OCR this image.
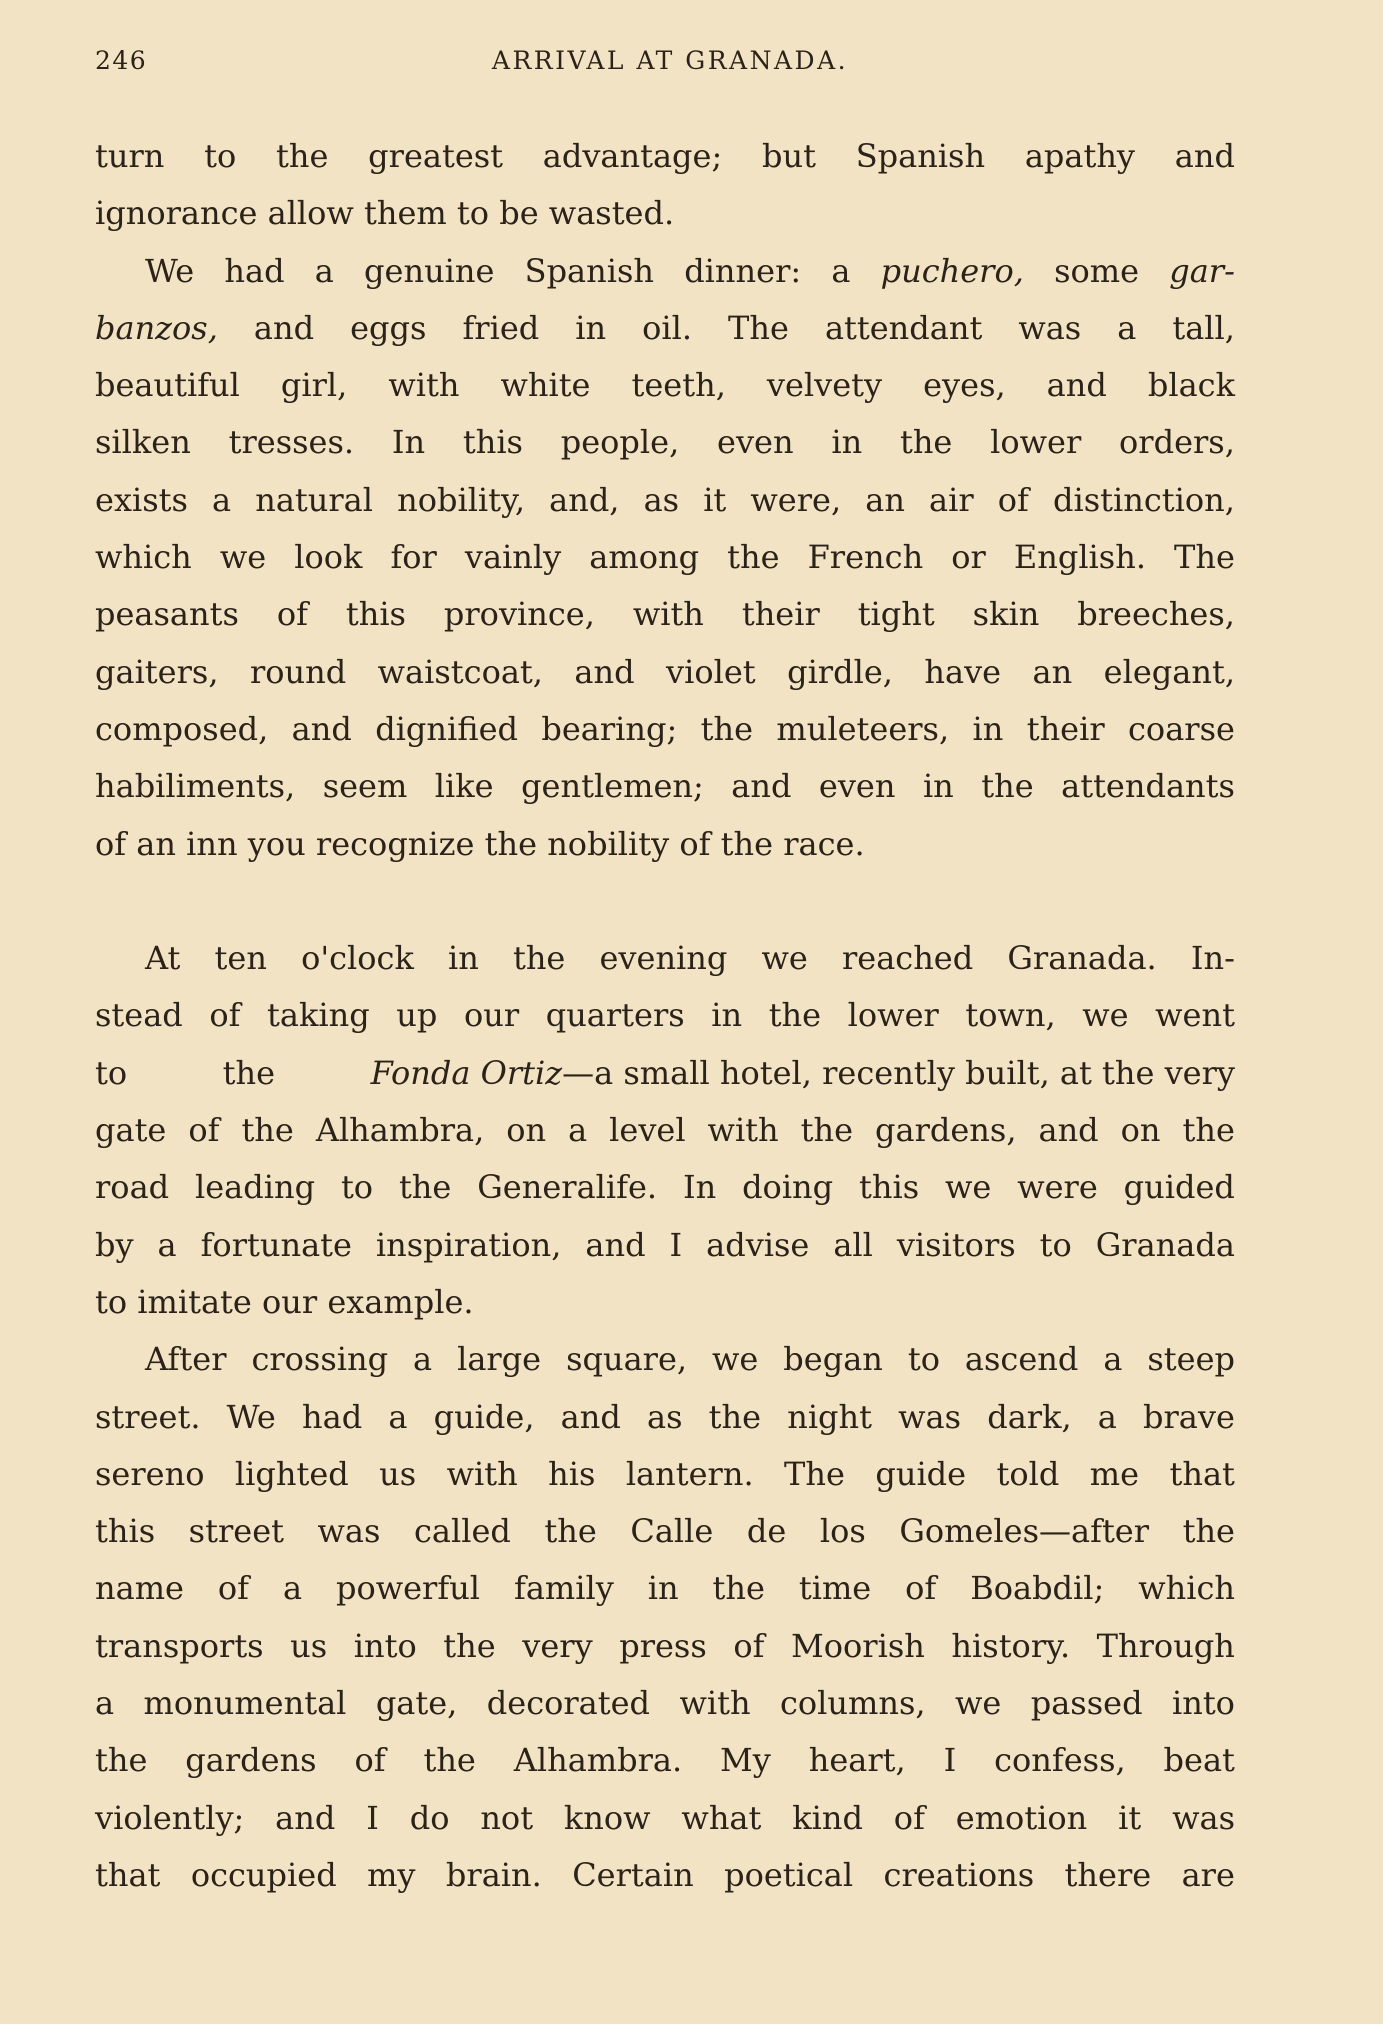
246	ARRIVAL AT GRANADA.
turn to the greatest advantage; but Spanish apathy and
ignorance allow them to be wasted.
We had a genuine Spanish dinner: a puchero, some gar-
banzos, and eggs fried in oil. The attendant was a tall,
beautiful girl, with white teeth, velvety eyes, and black
silken tresses. In this people, even in the lower orders,
exists a natural nobility, and, as it were, an air of distinction,
which we look for vainly among the French or English. The
peasants of this province, with their tight skin breeches,
gaiters, round waistcoat, and violet girdle, have an elegant,
composed, and dignified bearing; the muleteers, in their coarse
habiliments, seem like gentlemen; and even in the attendants
of an inn you recognize the nobility of the race.
At ten o'clock in the evening we reached Granada. In-
stead of taking up our quarters in the lower town, we went
to	the	Fonda Ortiz—a small hotel, recently built, at the very
gate of the Alhambra, on a level with the gardens, and on the
road leading to the Generalife. In doing this we were guided
by a fortunate inspiration, and I advise all visitors to Granada
to imitate our example.
After crossing a large square, we began to ascend a steep
street. We had a guide, and as the night was dark, a brave
sereno lighted us with his lantern. The guide told me that
this street was called the Calle de los Gomeles—after the
name of a powerful family in the time of Boabdil; which
transports us into the very press of Moorish history. Through
a monumental gate, decorated with columns, we passed into
the gardens of the Alhambra. My heart, I confess, beat
violently; and I do not know what kind of emotion it was
that occupied my brain. Certain poetical creations there are
